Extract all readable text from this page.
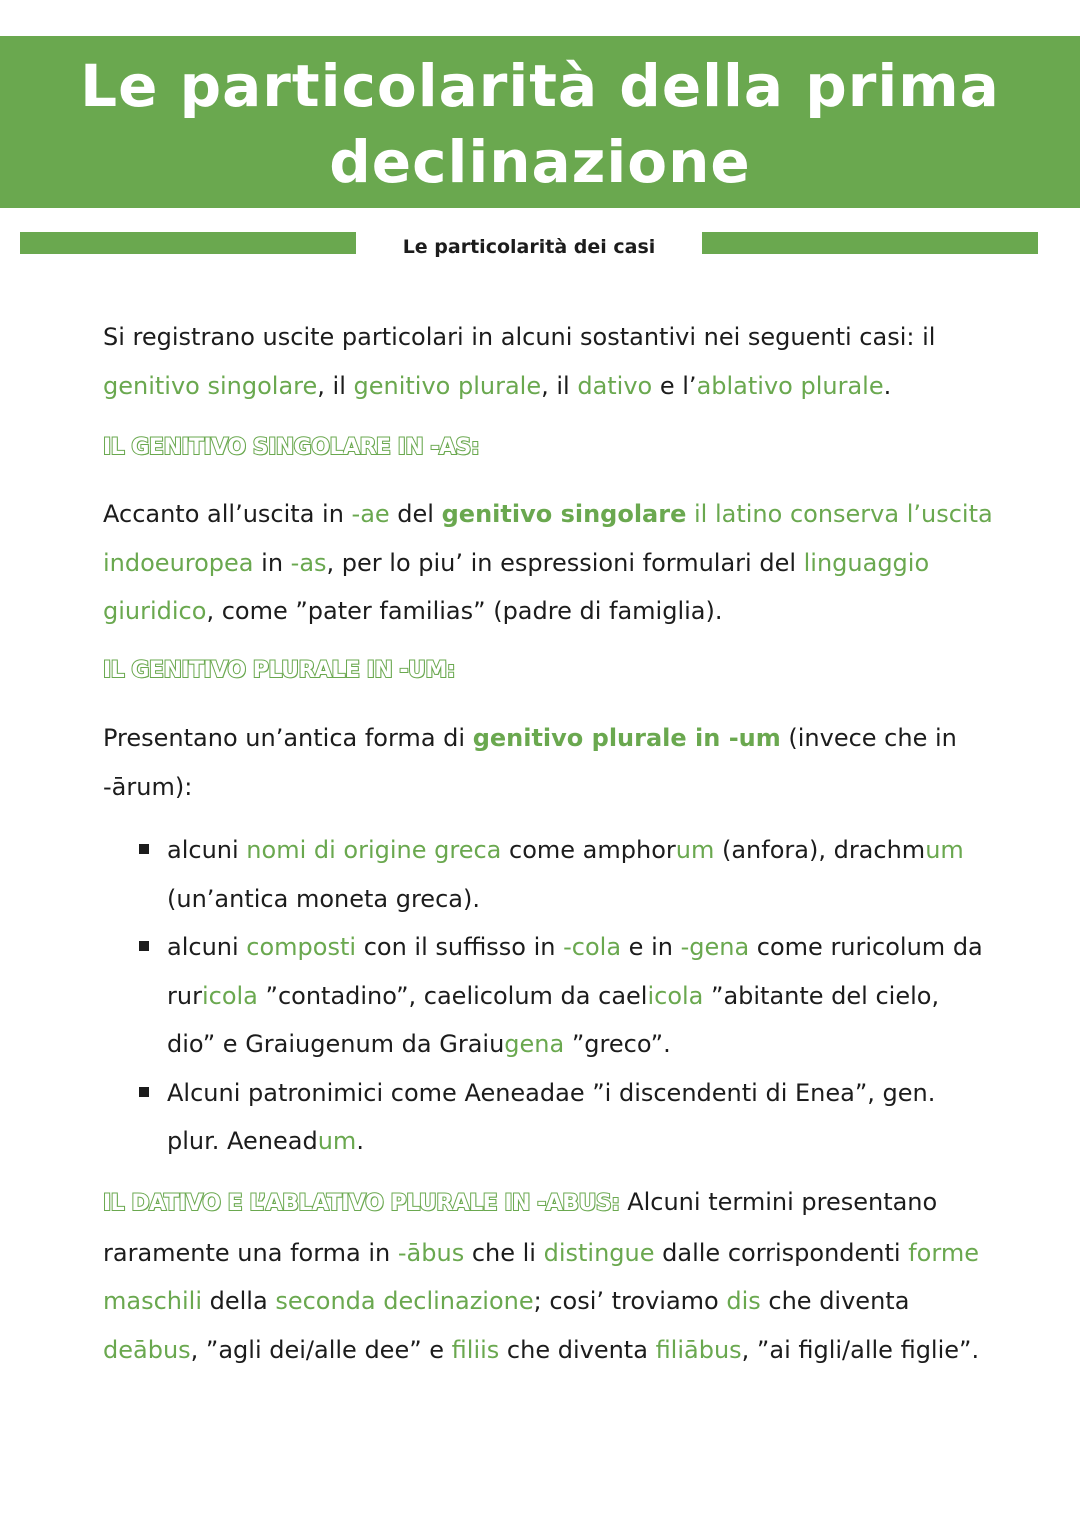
Le particolarità della prima
declinazione
Le particolarità dei casi
Si registrano uscite particolari in alcuni sostantivi nei seguenti casi: il genitivo singolare, il genitivo plurale, il dativo e l’ablativo plurale.
IL GENITIVO SINGOLARE IN -AS:
Accanto all’uscita in -ae del genitivo singolare il latino conserva l’uscita indoeuropea in -as, per lo piu’ in espressioni formulari del linguaggio giuridico, come ”pater familias” (padre di famiglia).
IL GENITIVO PLURALE IN -UM:
Presentano un’antica forma di genitivo plurale in -um (invece che in -ārum):
alcuni nomi di origine greca come amphorum (anfora), drachmum (un’antica moneta greca).
alcuni composti con il suffisso in -cola e in -gena come ruricolum da ruricola ”contadino”, caelicolum da caelicola ”abitante del cielo, dio” e Graiugenum da Graiugena ”greco”.
Alcuni patronimici come Aeneadae ”i discendenti di Enea”, gen. plur. Aeneadum.
IL DATIVO E L’ABLATIVO PLURALE IN -ABUS: Alcuni termini presentano raramente una forma in -ābus che li distingue dalle corrispondenti forme maschili della seconda declinazione; cosi’ troviamo dis che diventa deābus, ”agli dei/alle dee” e filiis che diventa filiābus, ”ai figli/alle figlie”.
